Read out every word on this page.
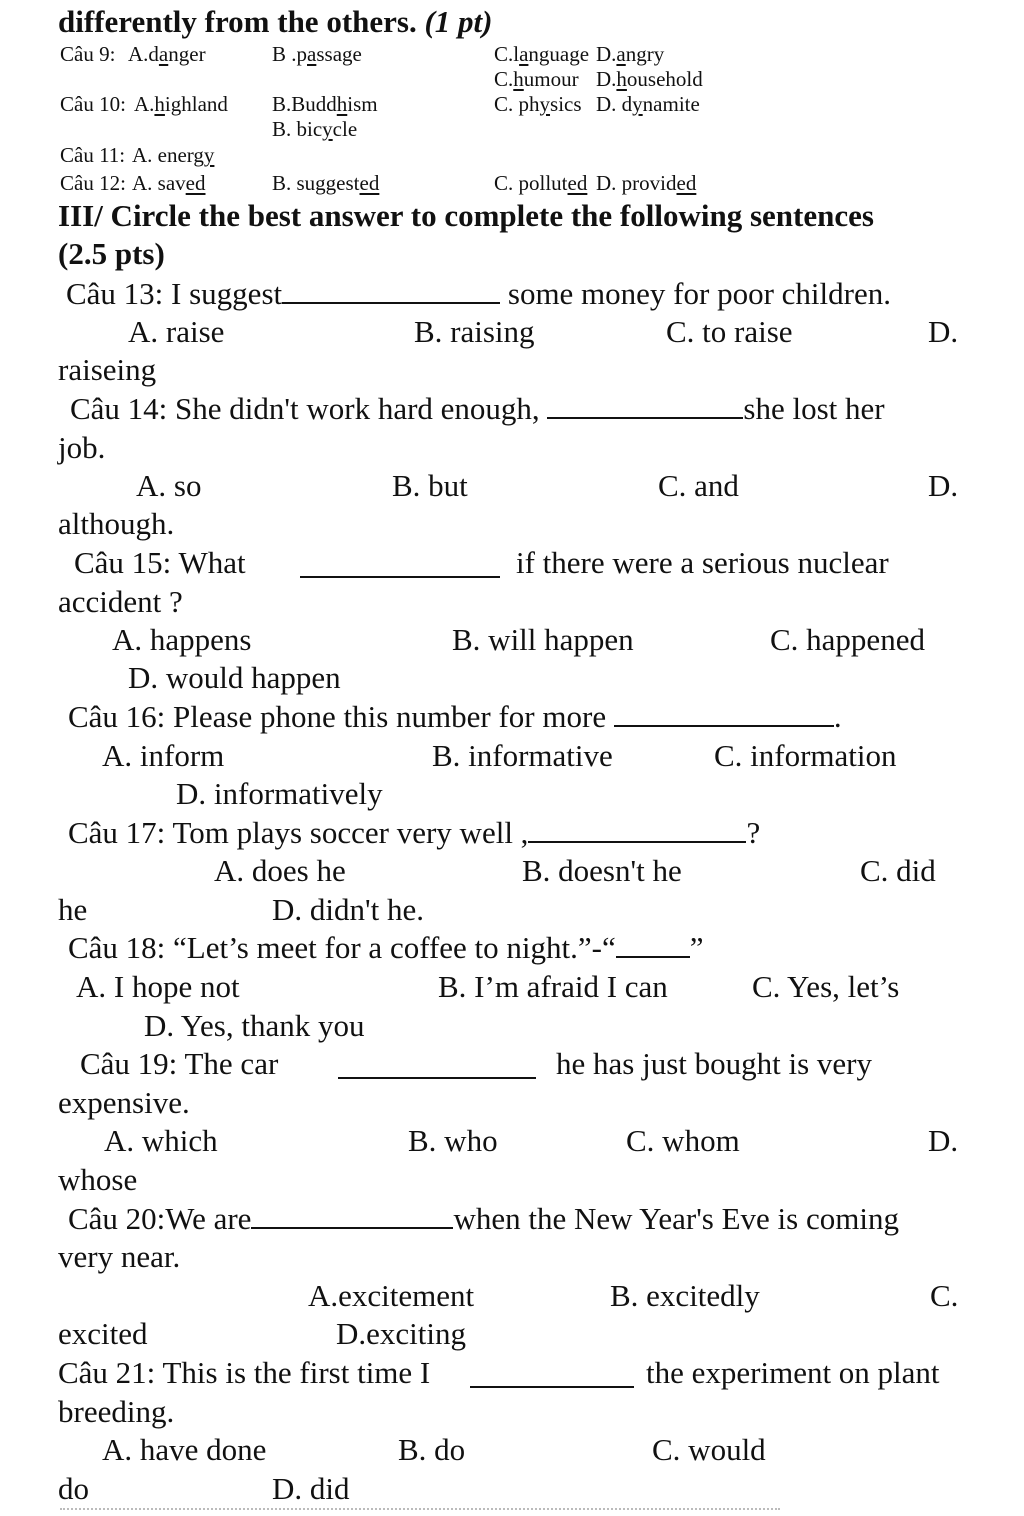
differently from the others. (1 pt)
Câu 9: A.danger	B .passage	C.language D.angry
C.humour D.household
Câu 10: A.highland B.Buddhism	C. physics D. dynamite
B. bicycle
Câu 11: A. energy
Câu 12: A. saved	B. suggested	C. polluted D. provided
III/ Circle the best answer to complete the following sentences
(2.5 pts)
Câu 13: I suggest	some money for poor children.
A. raise	B. raising	C. to raise	D.
raiseing
Câu 14: She didn't work hard enough,	she lost her
job.
A. so	B. but	C. and	D.
although.
Câu 15: What	if there were a serious nuclear
accident ?
A. happens	B. will happen	C. happened
D. would happen
Câu 16: Please phone this number for more	.
A. inform	B. informative	C. information
D. informatively
Câu 17: Tom plays soccer very well ,	?
A. does he	B. doesn't he	C. did
he	D. didn't he.
Câu 18: “Let’s meet for a coffee to night.”-“ ”
A. I hope not	B. I’m afraid I can	C. Yes, let’s
D. Yes, thank you
Câu 19: The car	he has just bought is very
expensive.
A. which	B. who	C. whom	D.
whose
Câu 20:We are	when the New Year's Eve is coming
very near.
A.excitement	B. excitedly	C.
excited	D.exciting
Câu 21: This is the first time I	the experiment on plant
breeding.
A. have done	B. do	C. would
do	D. did
